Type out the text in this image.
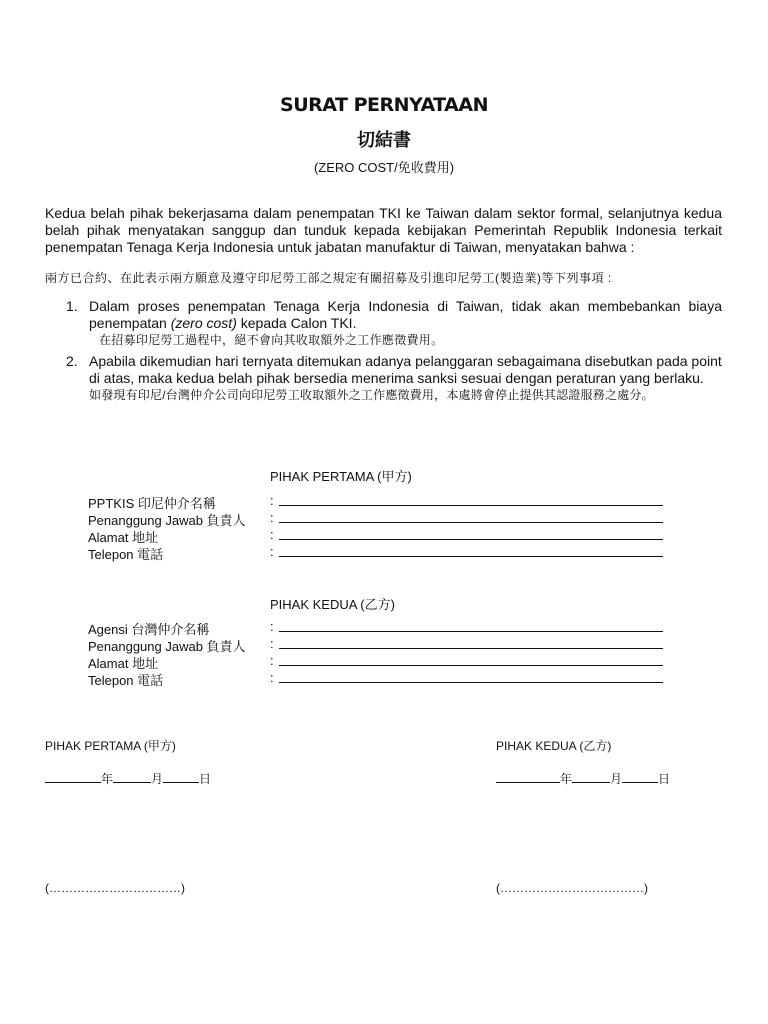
SURAT PERNYATAAN
切結書
(ZERO COST/免收費用)
Kedua belah pihak bekerjasama dalam penempatan TKI ke Taiwan dalam sektor formal, selanjutnya kedua belah pihak menyatakan sanggup dan tunduk kepada kebijakan Pemerintah Republik Indonesia terkait penempatan Tenaga Kerja Indonesia untuk jabatan manufaktur di Taiwan, menyatakan bahwa :
兩方已合約、在此表示兩方願意及遵守印尼勞工部之規定有關招募及引進印尼勞工(製造業)等下列事項 :
1. Dalam proses penempatan Tenaga Kerja Indonesia di Taiwan, tidak akan membebankan biaya
penempatan (zero cost) kepada Calon TKI.
在招募印尼勞工過程中，絕不會向其收取額外之工作應徵費用。
2. Apabila dikemudian hari ternyata ditemukan adanya pelanggaran sebagaimana disebutkan pada point
di atas, maka kedua belah pihak bersedia menerima sanksi sesuai dengan peraturan yang berlaku.
如發現有印尼/台灣仲介公司向印尼勞工收取額外之工作應徵費用，本處將會停止提供其認證服務之處分。
PIHAK PERTAMA (甲方)
PPTKIS 印尼仲介名稱	:
Penanggung Jawab 負責人 :
Alamat 地址	:
Telepon 電話	:
PIHAK KEDUA (乙方)
Agensi 台灣仲介名稱	:
Penanggung Jawab 負責人 :
Alamat 地址	:
Telepon 電話	:
PIHAK PERTAMA (甲方)	PIHAK KEDUA (乙方)
年	月	日	年	月	日
(……………………………)	(………………………………)
